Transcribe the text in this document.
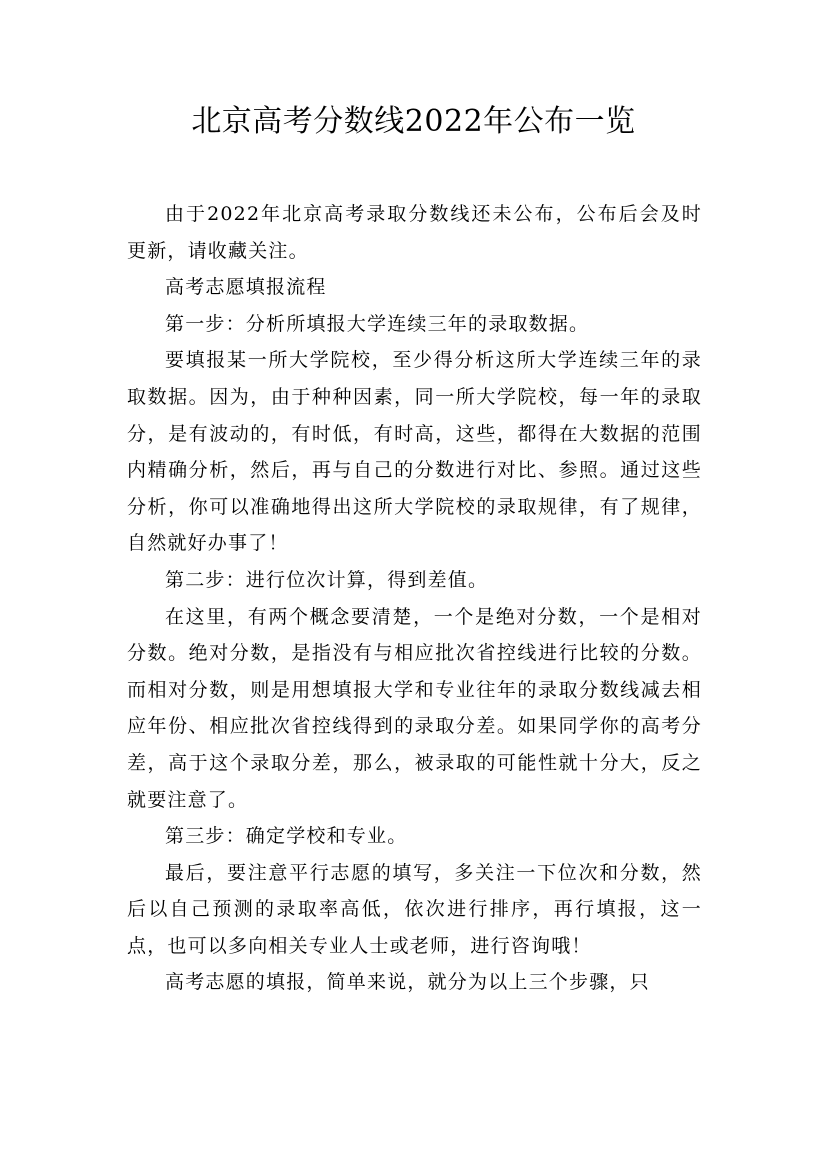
北京高考分数线2022年公布一览

由于2022年北京高考录取分数线还未公布，公布后会及时更新，请收藏关注。

高考志愿填报流程

第一步：分析所填报大学连续三年的录取数据。

要填报某一所大学院校，至少得分析这所大学连续三年的录取数据。因为，由于种种因素，同一所大学院校，每一年的录取分，是有波动的，有时低，有时高，这些，都得在大数据的范围内精确分析，然后，再与自己的分数进行对比、参照。通过这些分析，你可以准确地得出这所大学院校的录取规律，有了规律，自然就好办事了！

第二步：进行位次计算，得到差值。

在这里，有两个概念要清楚，一个是绝对分数，一个是相对分数。绝对分数，是指没有与相应批次省控线进行比较的分数。而相对分数，则是用想填报大学和专业往年的录取分数线减去相应年份、相应批次省控线得到的录取分差。如果同学你的高考分差，高于这个录取分差，那么，被录取的可能性就十分大，反之就要注意了。

第三步：确定学校和专业。

最后，要注意平行志愿的填写，多关注一下位次和分数，然后以自己预测的录取率高低，依次进行排序，再行填报，这一点，也可以多向相关专业人士或老师，进行咨询哦！

高考志愿的填报，简单来说，就分为以上三个步骤，只
